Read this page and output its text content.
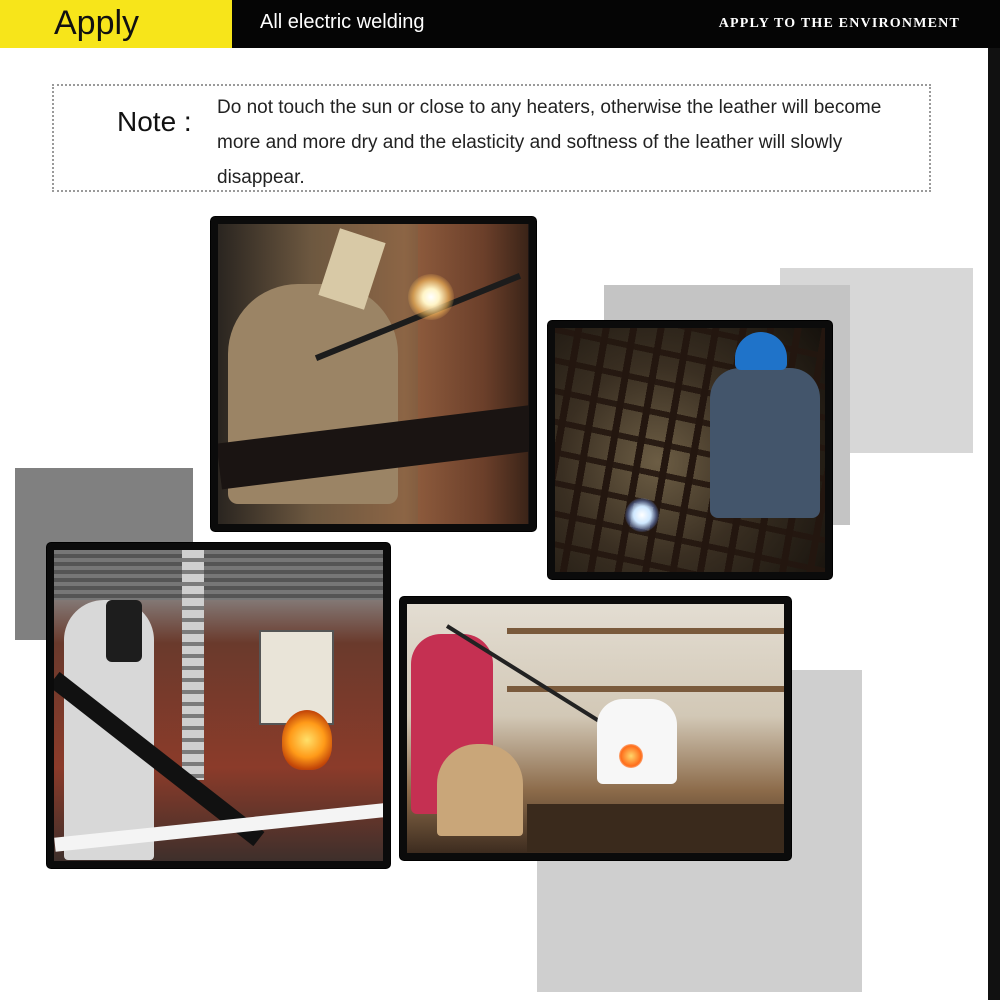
Apply	All electric welding	APPLY TO THE ENVIRONMENT
Note : Do not touch the sun or close to any heaters, otherwise the leather will become more and more dry and the elasticity and softness of the leather will slowly disappear.
